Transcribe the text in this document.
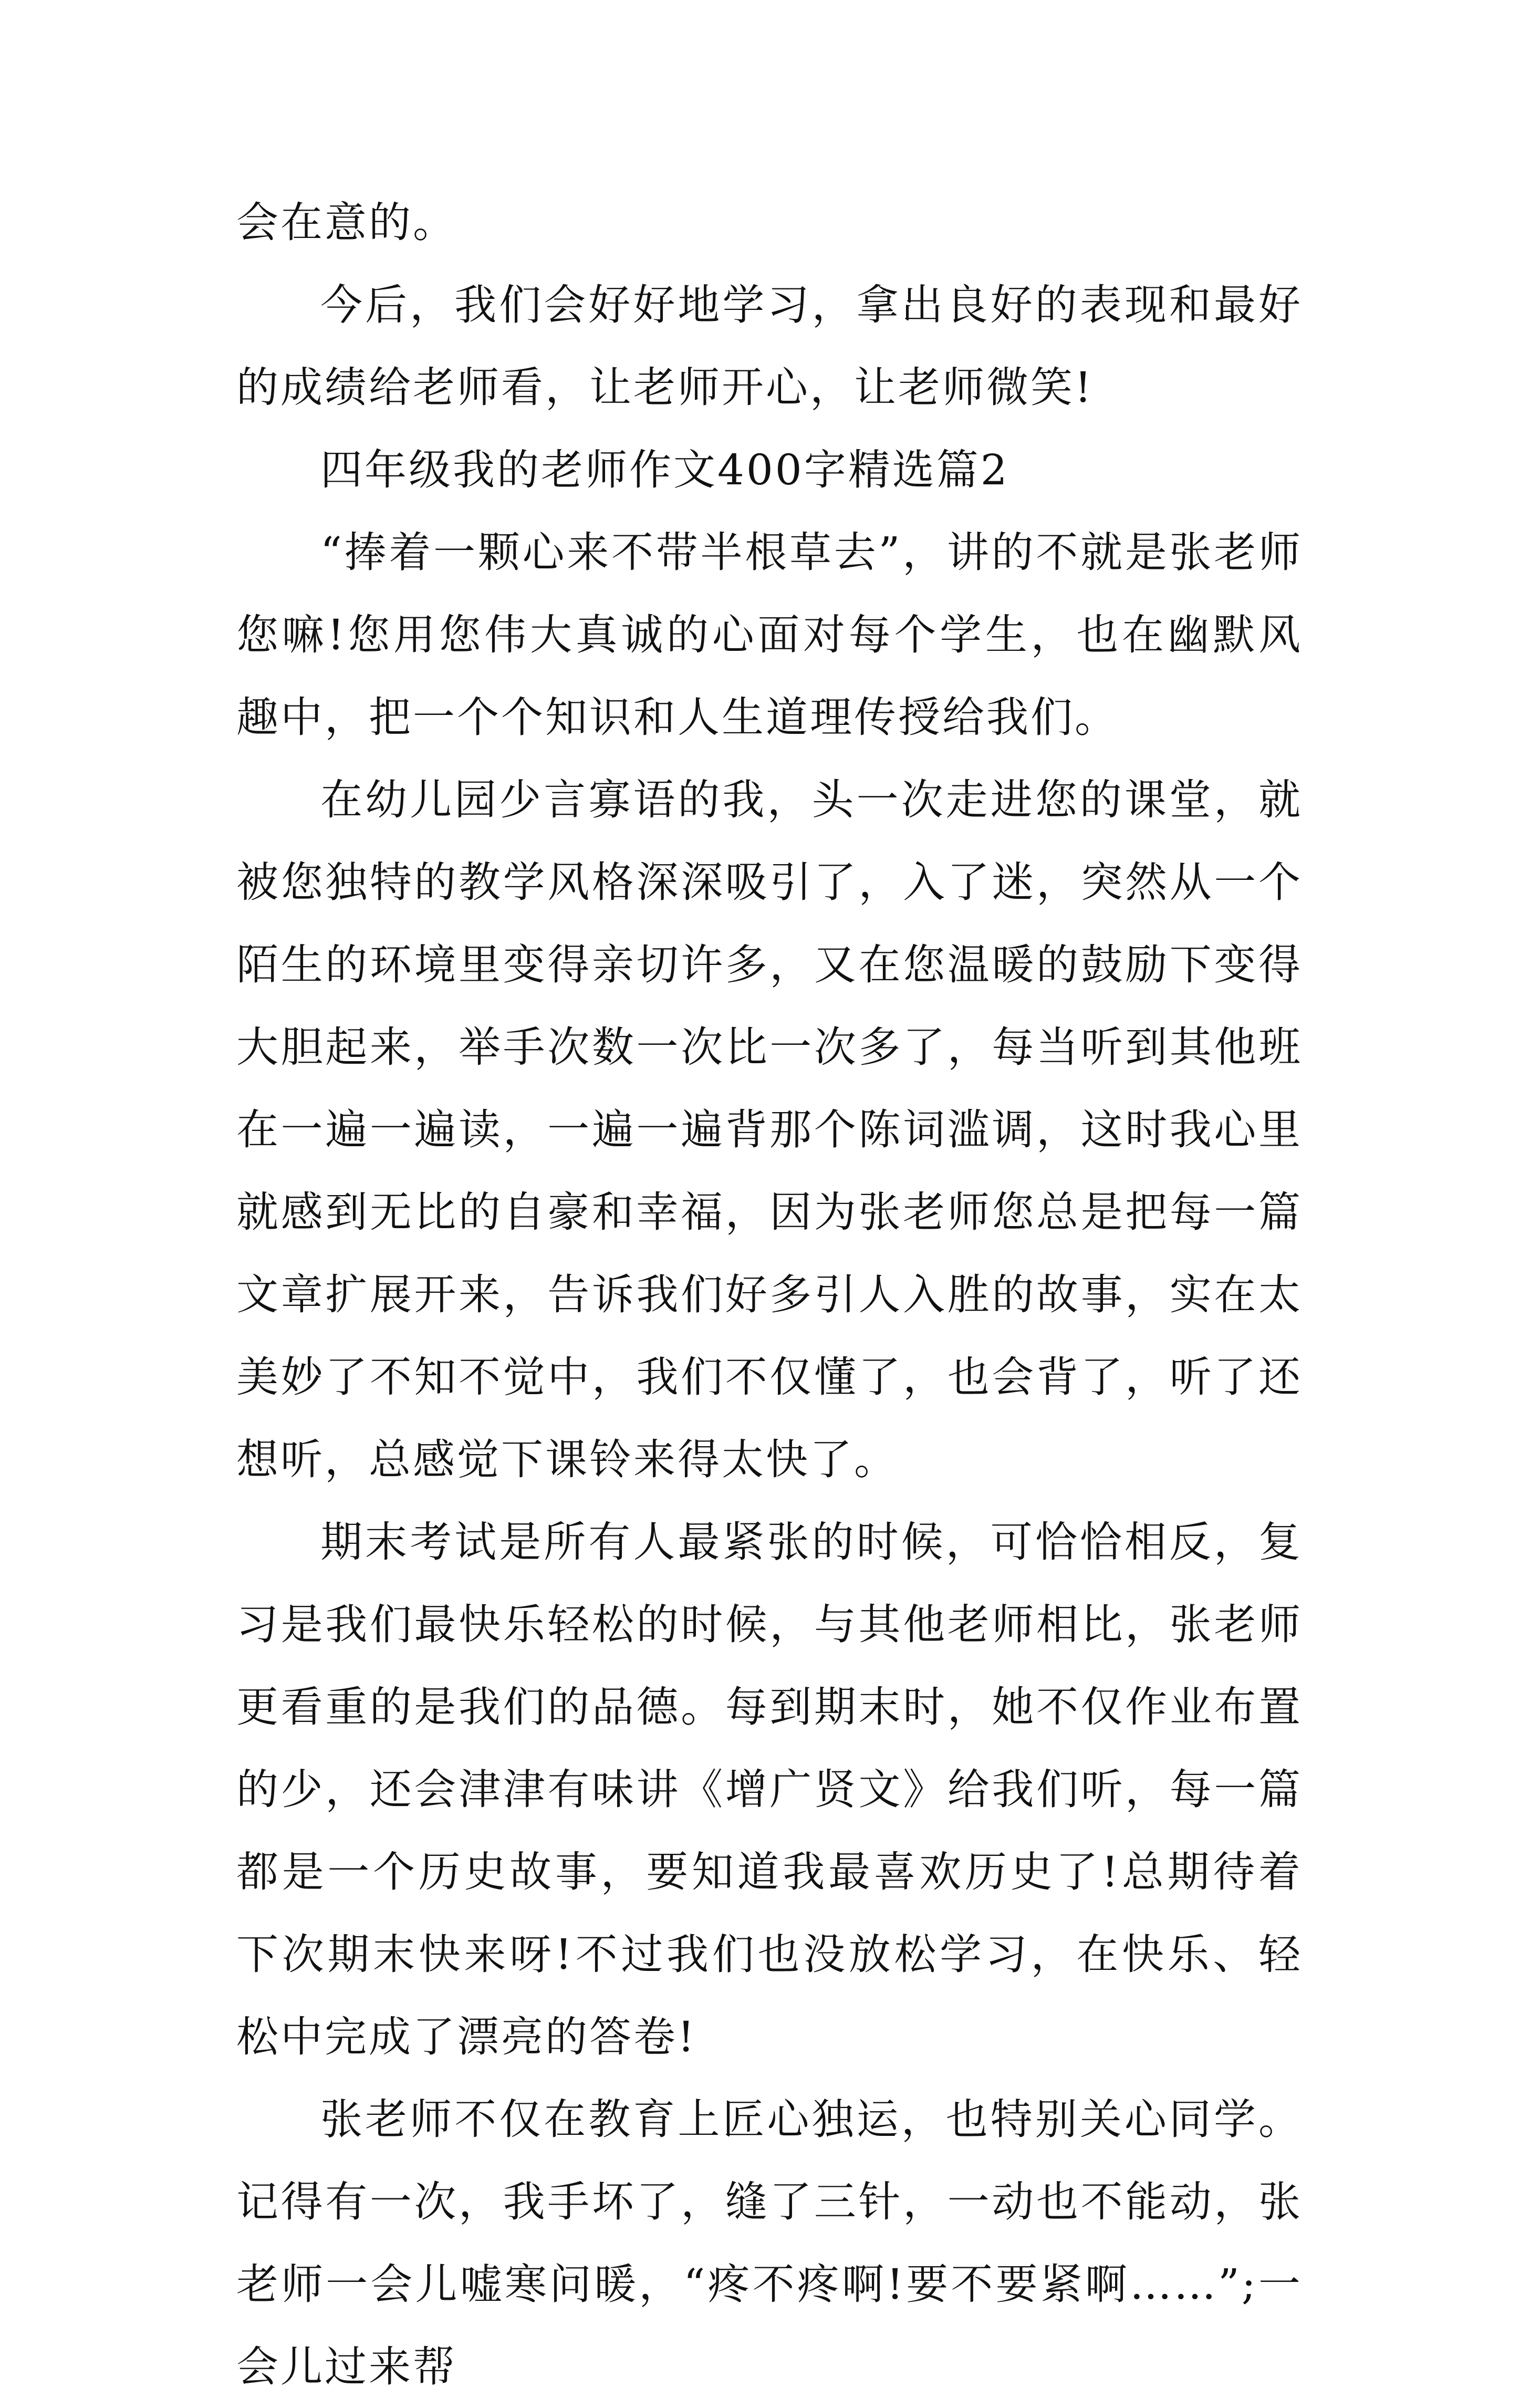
会在意的。

今后，我们会好好地学习，拿出良好的表现和最好的成绩给老师看，让老师开心，让老师微笑!

四年级我的老师作文400字精选篇2

“捧着一颗心来不带半根草去”，讲的不就是张老师您嘛!您用您伟大真诚的心面对每个学生，也在幽默风趣中，把一个个知识和人生道理传授给我们。

在幼儿园少言寡语的我，头一次走进您的课堂，就被您独特的教学风格深深吸引了，入了迷，突然从一个陌生的环境里变得亲切许多，又在您温暖的鼓励下变得大胆起来，举手次数一次比一次多了，每当听到其他班在一遍一遍读，一遍一遍背那个陈词滥调，这时我心里就感到无比的自豪和幸福，因为张老师您总是把每一篇文章扩展开来，告诉我们好多引人入胜的故事，实在太美妙了不知不觉中，我们不仅懂了，也会背了，听了还想听，总感觉下课铃来得太快了。

期末考试是所有人最紧张的时候，可恰恰相反，复习是我们最快乐轻松的时候，与其他老师相比，张老师更看重的是我们的品德。每到期末时，她不仅作业布置的少，还会津津有味讲《增广贤文》给我们听，每一篇都是一个历史故事，要知道我最喜欢历史了!总期待着下次期末快来呀!不过我们也没放松学习，在快乐、轻松中完成了漂亮的答卷!

张老师不仅在教育上匠心独运，也特别关心同学。记得有一次，我手坏了，缝了三针，一动也不能动，张老师一会儿嘘寒问暖，“疼不疼啊!要不要紧啊……”;一会儿过来帮
